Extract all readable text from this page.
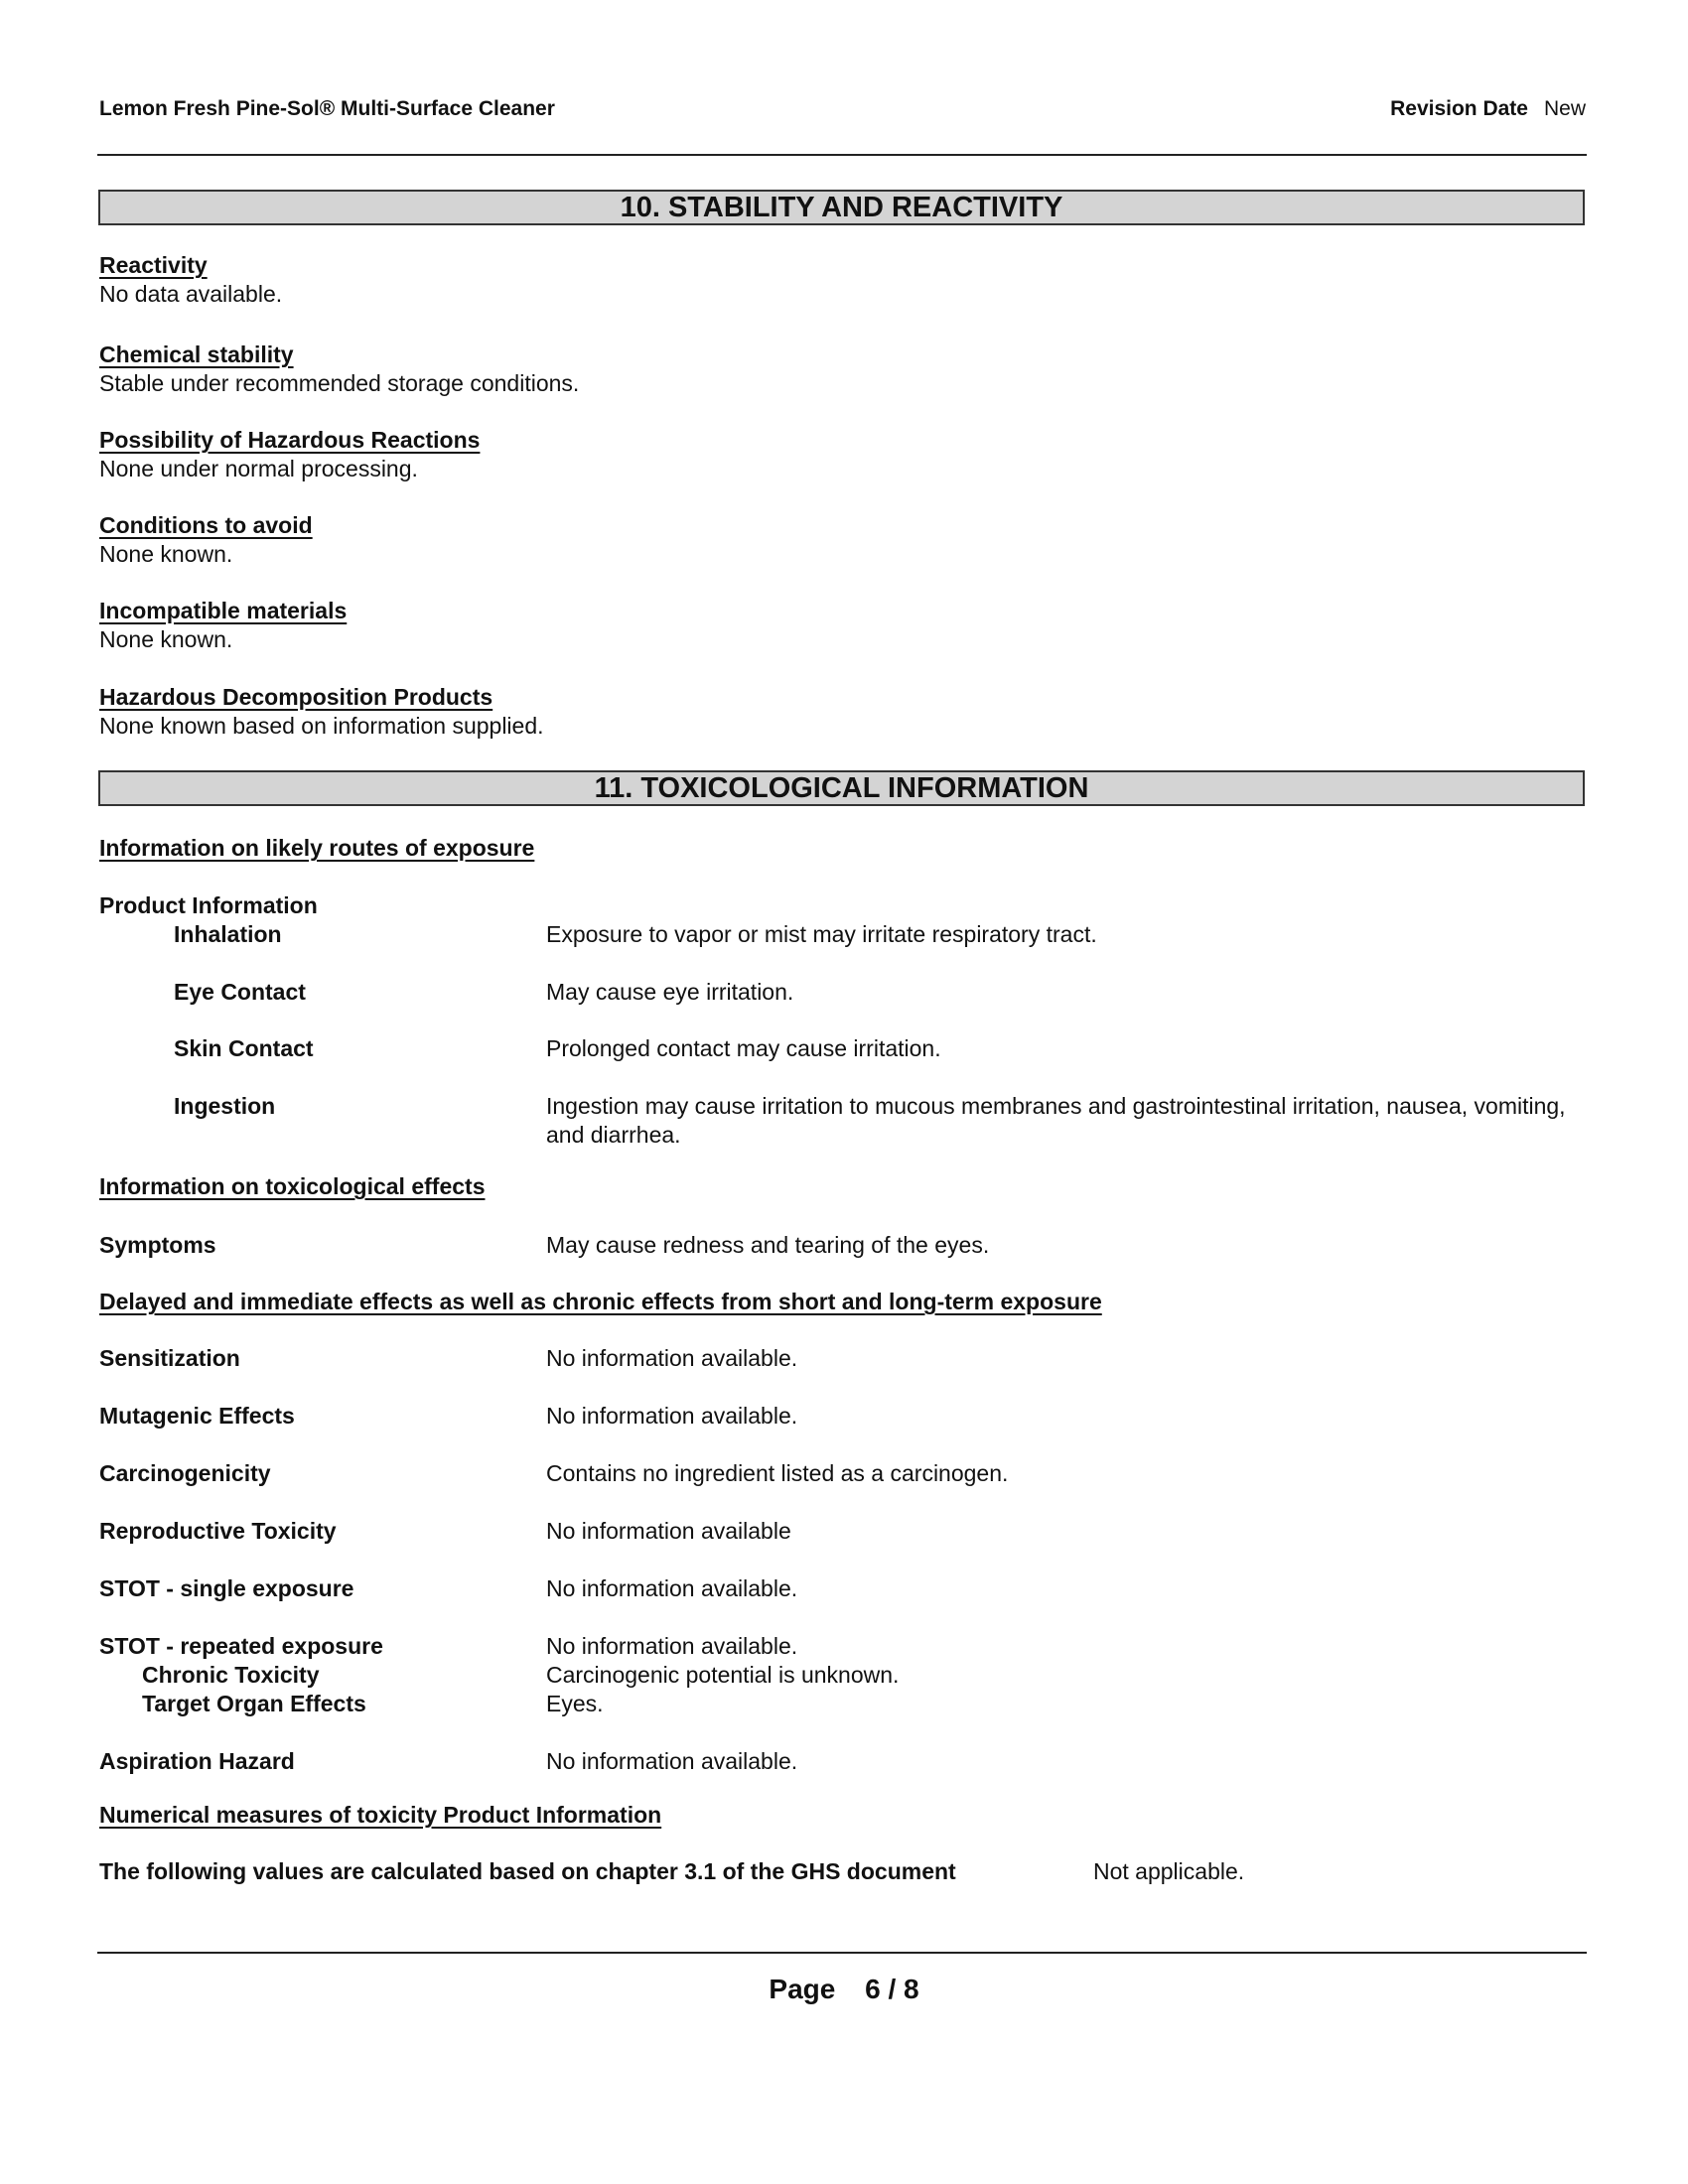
Lemon Fresh Pine-Sol® Multi-Surface Cleaner	Revision Date New
10. STABILITY AND REACTIVITY
Reactivity
No data available.
Chemical stability
Stable under recommended storage conditions.
Possibility of Hazardous Reactions
None under normal processing.
Conditions to avoid
None known.
Incompatible materials
None known.
Hazardous Decomposition Products
None known based on information supplied.
11. TOXICOLOGICAL INFORMATION
Information on likely routes of exposure
Product Information
Inhalation	Exposure to vapor or mist may irritate respiratory tract.
Eye Contact	May cause eye irritation.
Skin Contact	Prolonged contact may cause irritation.
Ingestion	Ingestion may cause irritation to mucous membranes and gastrointestinal irritation, nausea, vomiting, and diarrhea.
Information on toxicological effects
Symptoms	May cause redness and tearing of the eyes.
Delayed and immediate effects as well as chronic effects from short and long-term exposure
Sensitization	No information available.
Mutagenic Effects	No information available.
Carcinogenicity	Contains no ingredient listed as a carcinogen.
Reproductive Toxicity	No information available
STOT - single exposure	No information available.
STOT - repeated exposure	No information available.
Chronic Toxicity	Carcinogenic potential is unknown.
Target Organ Effects	Eyes.
Aspiration Hazard	No information available.
Numerical measures of toxicity Product Information
The following values are calculated based on chapter 3.1 of the GHS document	Not applicable.
Page 6 / 8
